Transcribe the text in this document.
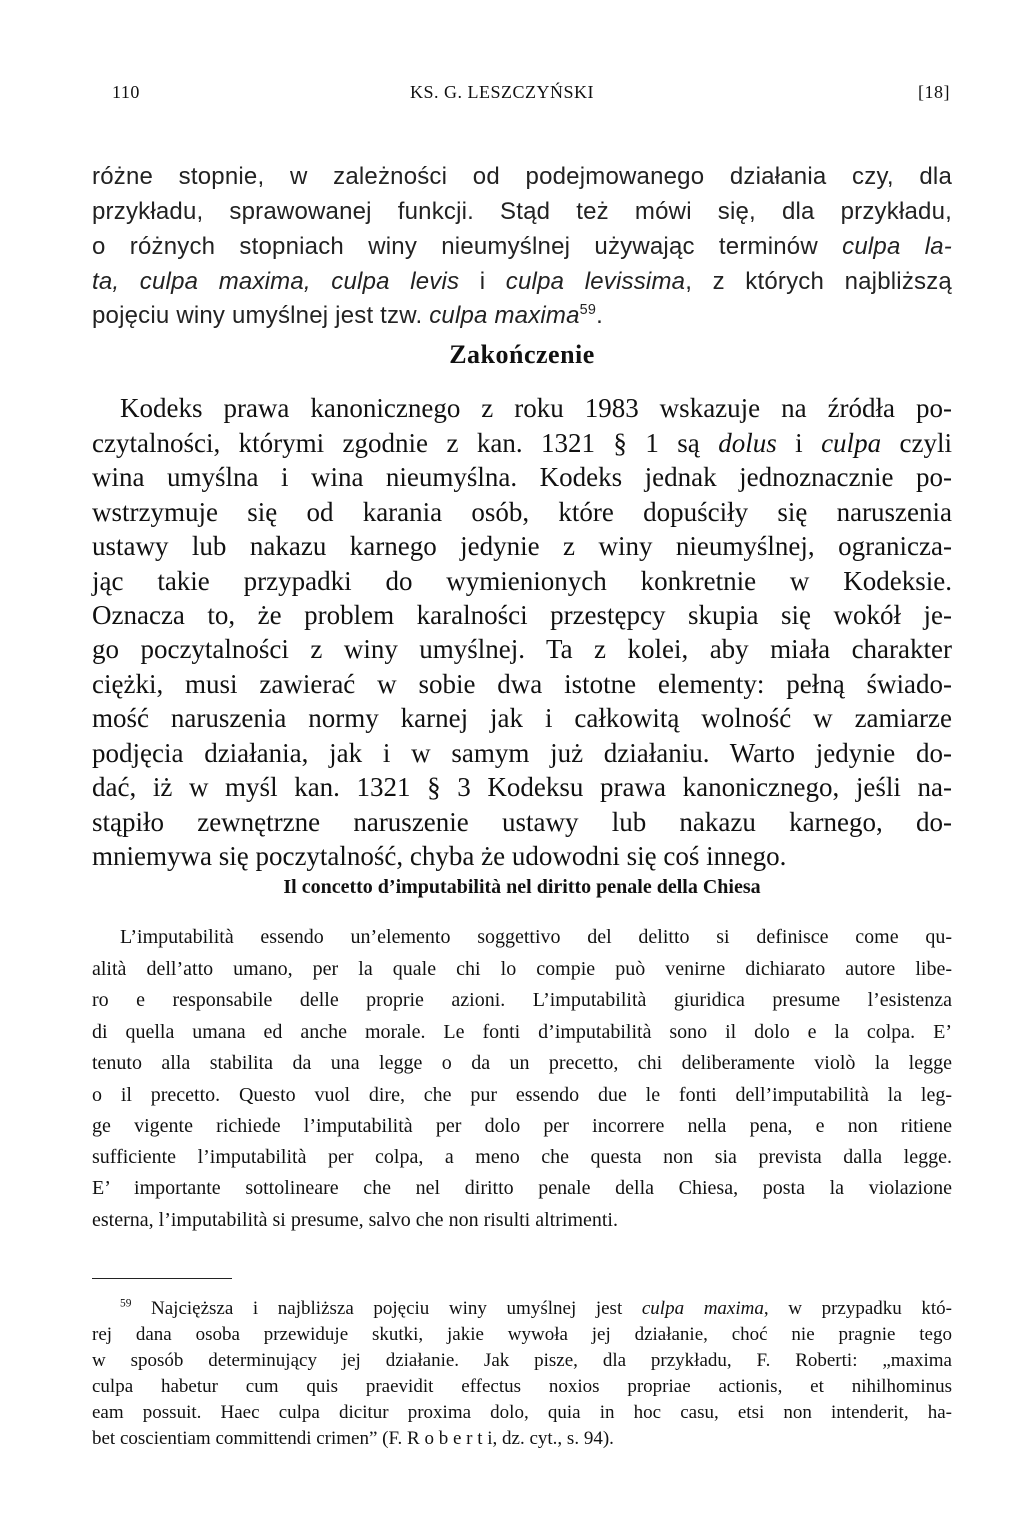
110	KS. G. LESZCZYŃSKI	[18]
Zakończenie
Il concetto d’imputabilità nel diritto penale della Chiesa
różne stopnie, w zależności od podejmowanego działania czy, dla
przykładu, sprawowanej funkcji. Stąd też mówi się, dla przykładu,
o różnych stopniach winy nieumyślnej używając terminów culpa la-
ta, culpa maxima, culpa levis i culpa levissima, z których najbliższą
pojęciu winy umyślnej jest tzw. culpa maxima$^{59}$.
Kodeks prawa kanonicznego z roku 1983 wskazuje na źródła po-
czytalności, którymi zgodnie z kan. 1321 § 1 są dolus i culpa czyli
wina umyślna i wina nieumyślna. Kodeks jednak jednoznacznie po-
wstrzymuje się od karania osób, które dopuściły się naruszenia
ustawy lub nakazu karnego jedynie z winy nieumyślnej, ogranicza-
jąc takie przypadki do wymienionych konkretnie w Kodeksie.
Oznacza to, że problem karalności przestępcy skupia się wokół je-
go poczytalności z winy umyślnej. Ta z kolei, aby miała charakter
ciężki, musi zawierać w sobie dwa istotne elementy: pełną świado-
mość naruszenia normy karnej jak i całkowitą wolność w zamiarze
podjęcia działania, jak i w samym już działaniu. Warto jedynie do-
dać, iż w myśl kan. 1321 § 3 Kodeksu prawa kanonicznego, jeśli na-
stąpiło zewnętrzne naruszenie ustawy lub nakazu karnego, do-
mniemywa się poczytalność, chyba że udowodni się coś innego.
L’imputabilità essendo un’elemento soggettivo del delitto si definisce come qu-
alità dell’atto umano, per la quale chi lo compie può venirne dichiarato autore libe-
ro e responsabile delle proprie azioni. L’imputabilità giuridica presume l’esistenza
di quella umana ed anche morale. Le fonti d’imputabilità sono il dolo e la colpa. E’
tenuto alla stabilita da una legge o da un precetto, chi deliberamente violò la legge
o il precetto. Questo vuol dire, che pur essendo due le fonti dell’imputabilità la leg-
ge vigente richiede l’imputabilità per dolo per incorrere nella pena, e non ritiene
sufficiente l’imputabilità per colpa, a meno che questa non sia prevista dalla legge.
E’ importante sottolineare che nel diritto penale della Chiesa, posta la violazione
esterna, l’imputabilità si presume, salvo che non risulti altrimenti.
$^{59}$ Najcięższa i najbliższa pojęciu winy umyślnej jest culpa maxima, w przypadku któ-
rej dana osoba przewiduje skutki, jakie wywoła jej działanie, choć nie pragnie tego
w sposób determinujący jej działanie. Jak pisze, dla przykładu, F. Roberti: „maxima
culpa habetur cum quis praevidit effectus noxios propriae actionis, et nihilhominus
eam possuit. Haec culpa dicitur proxima dolo, quia in hoc casu, etsi non intenderit, ha-
bet coscientiam committendi crimen” (F. R o b e r t i, dz. cyt., s. 94).
